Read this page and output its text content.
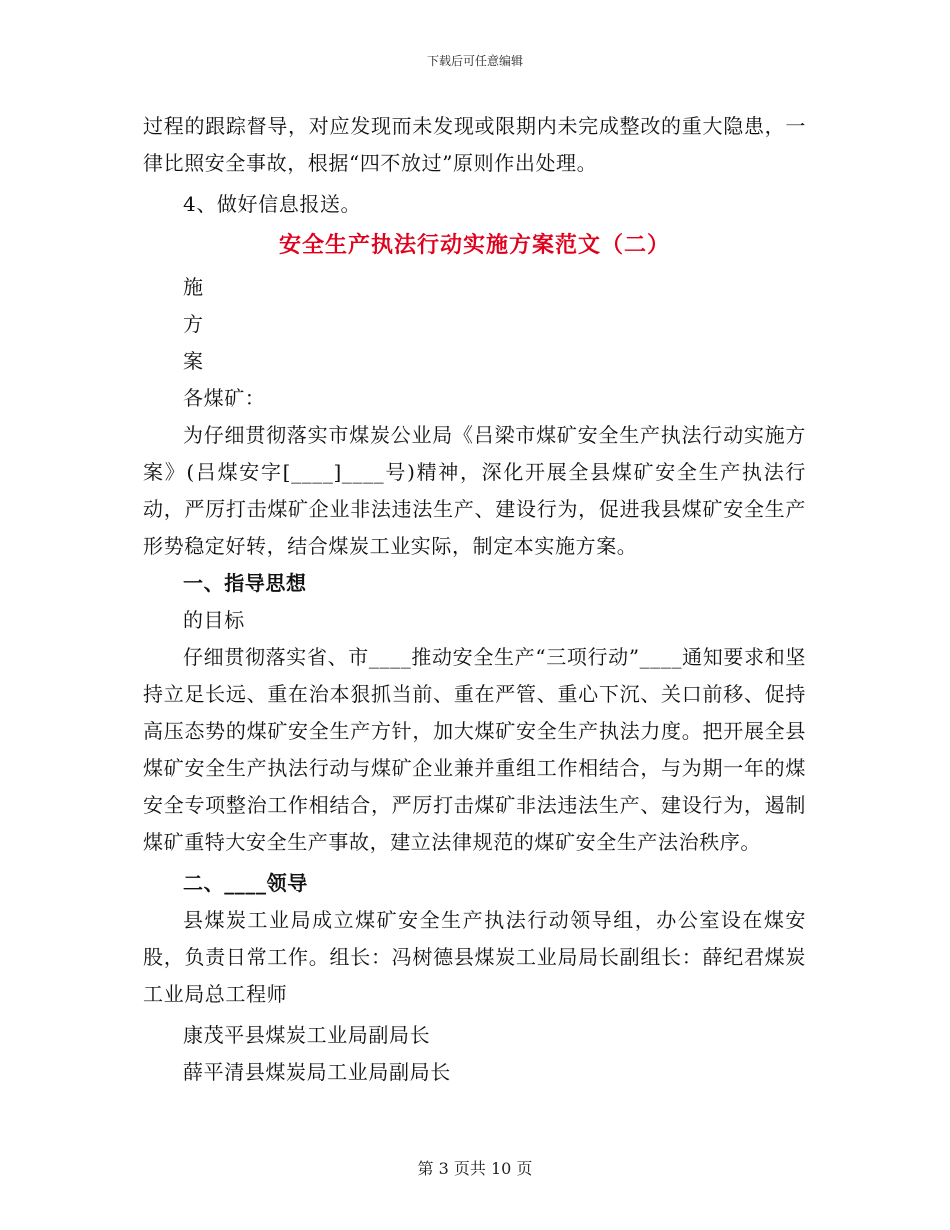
下载后可任意编辑

过程的跟踪督导，对应发现而未发现或限期内未完成整改的重大隐患，一律比照安全事故，根据“四不放过”原则作出处理。

4、做好信息报送。

安全生产执法行动实施方案范文（二）

施

方

案

各煤矿：

为仔细贯彻落实市煤炭公业局《吕梁市煤矿安全生产执法行动实施方案》(吕煤安字[____]____号)精神，深化开展全县煤矿安全生产执法行动，严厉打击煤矿企业非法违法生产、建设行为，促进我县煤矿安全生产形势稳定好转，结合煤炭工业实际，制定本实施方案。

一、指导思想

的目标

仔细贯彻落实省、市____推动安全生产“三项行动”____通知要求和坚持立足长远、重在治本狠抓当前、重在严管、重心下沉、关口前移、促持高压态势的煤矿安全生产方针，加大煤矿安全生产执法力度。把开展全县煤矿安全生产执法行动与煤矿企业兼并重组工作相结合，与为期一年的煤安全专项整治工作相结合，严厉打击煤矿非法违法生产、建设行为，遏制煤矿重特大安全生产事故，建立法律规范的煤矿安全生产法治秩序。

二、____领导

县煤炭工业局成立煤矿安全生产执法行动领导组，办公室设在煤安股，负责日常工作。组长：冯树德县煤炭工业局局长副组长：薛纪君煤炭工业局总工程师

康茂平县煤炭工业局副局长

薛平清县煤炭局工业局副局长

第 3 页共 10 页
